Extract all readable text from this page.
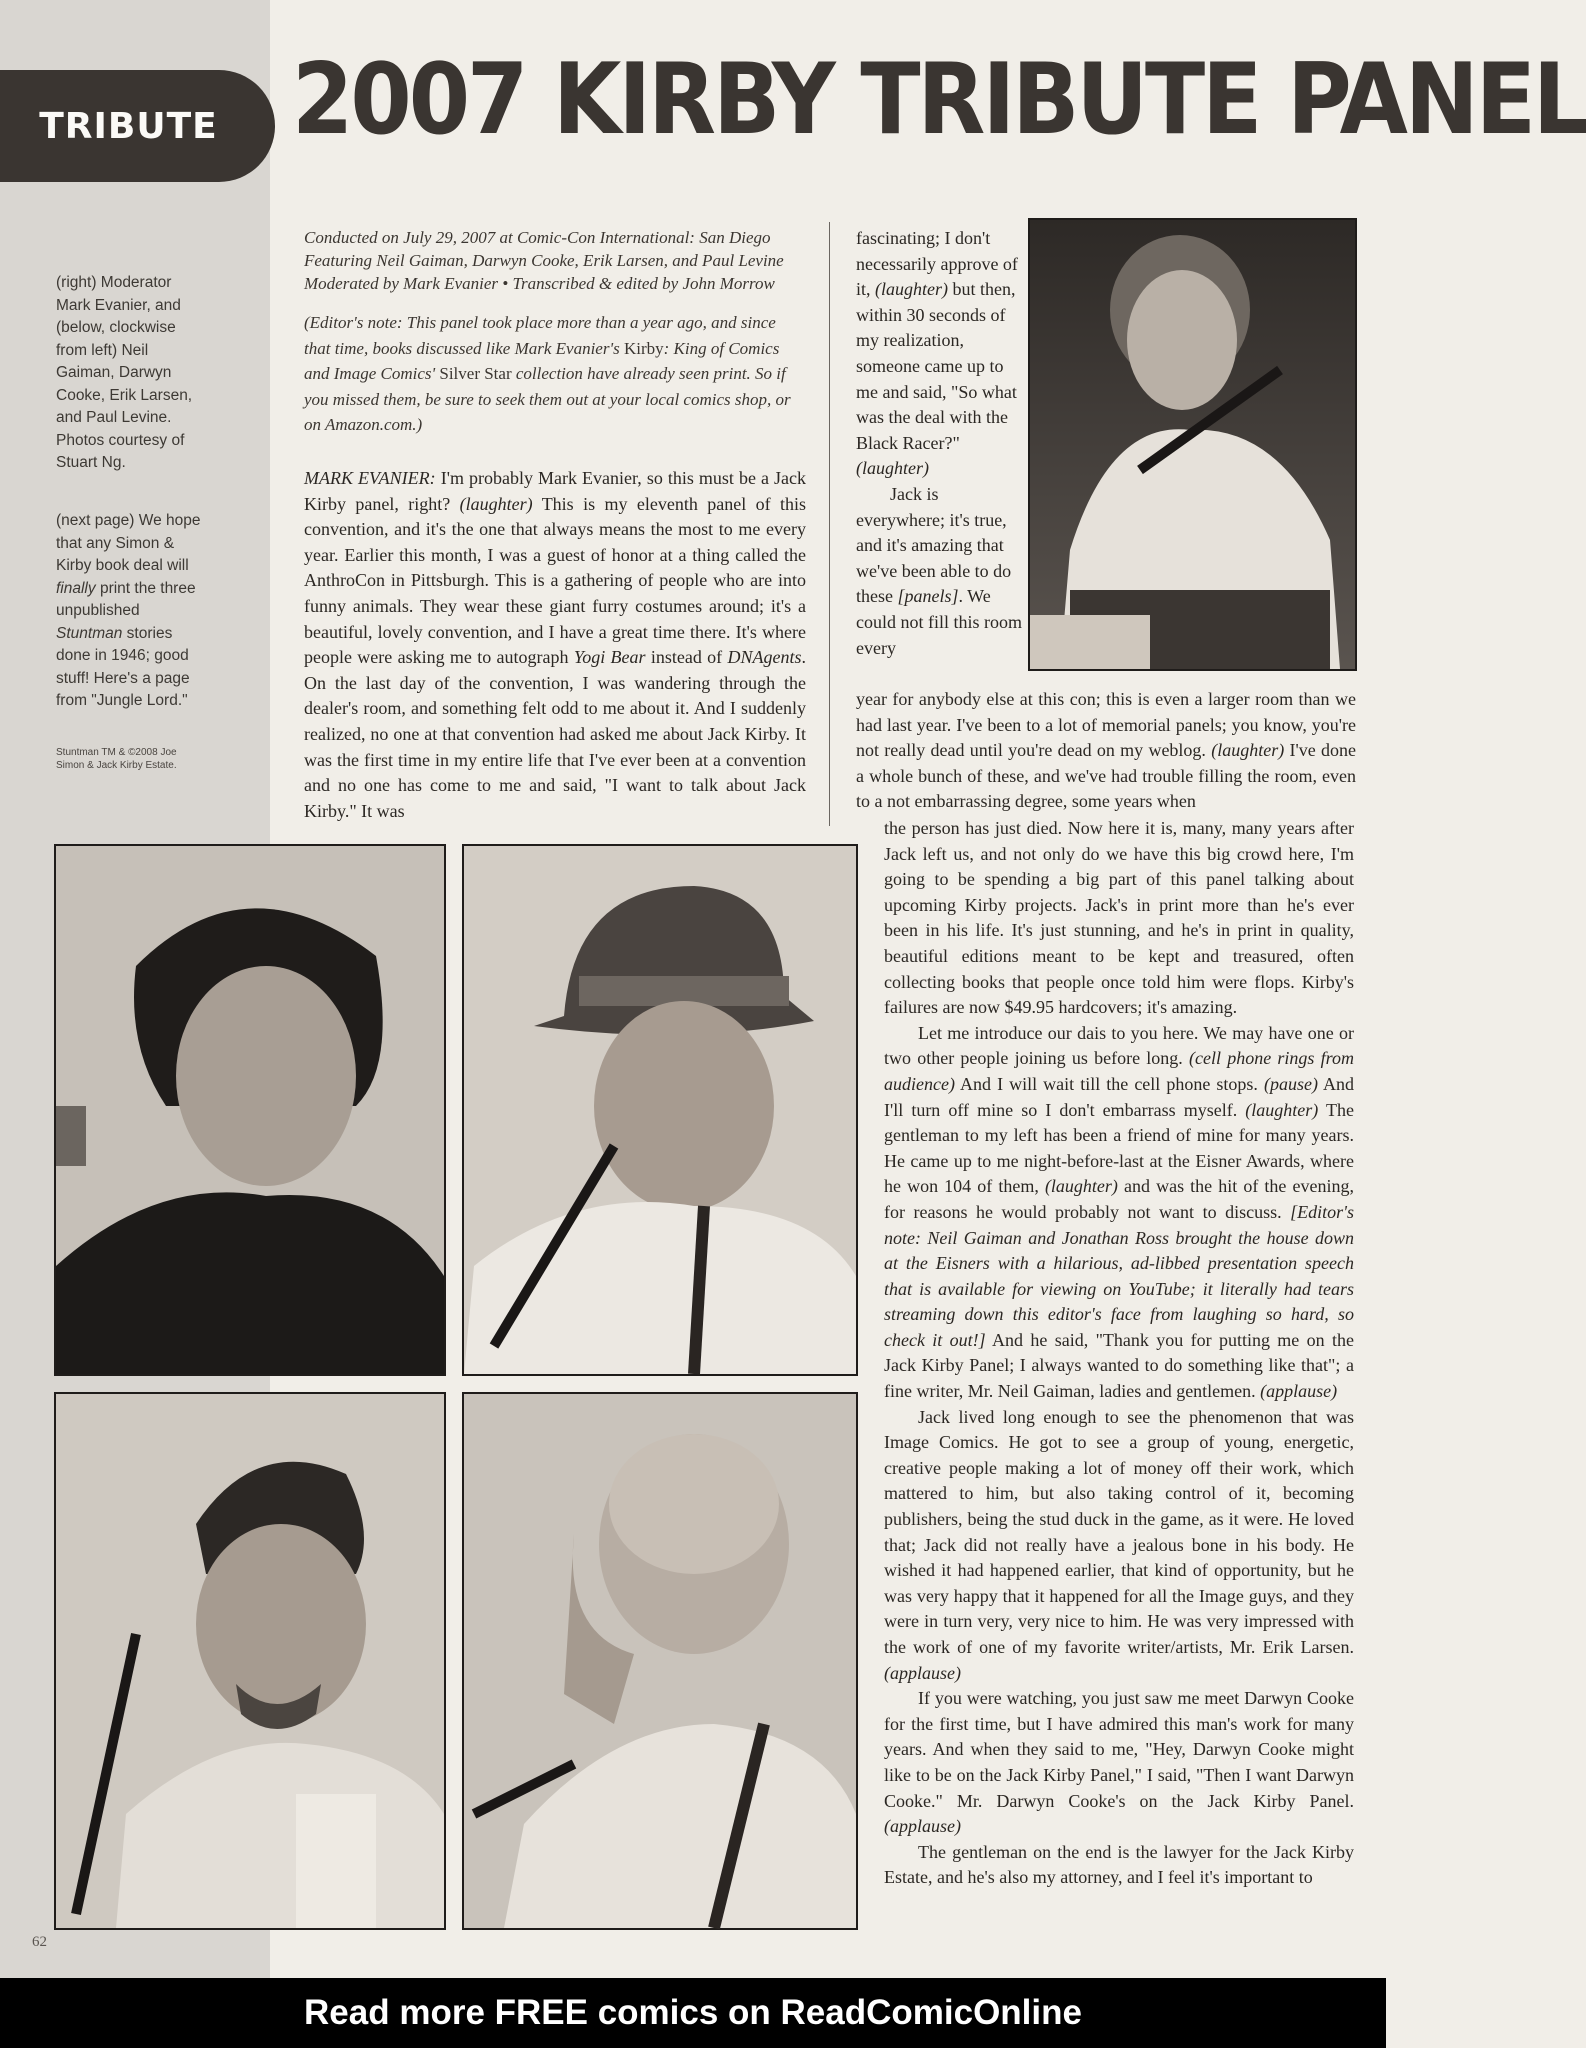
TRIBUTE 2007 KIRBY TRIBUTE PANEL

(right) Moderator Mark Evanier, and (below, clockwise from left) Neil Gaiman, Darwyn Cooke, Erik Larsen, and Paul Levine. Photos courtesy of Stuart Ng.

(next page) We hope that any Simon & Kirby book deal will finally print the three unpublished Stuntman stories done in 1946; good stuff! Here's a page from "Jungle Lord."

Stuntman TM & ©2008 Joe Simon & Jack Kirby Estate.

Conducted on July 29, 2007 at Comic-Con International: San Diego

Featuring Neil Gaiman, Darwyn Cooke, Erik Larsen, and Paul Levine

Moderated by Mark Evanier • Transcribed & edited by John Morrow

(Editor's note: This panel took place more than a year ago, and since that time, books discussed like Mark Evanier's Kirby: King of Comics and Image Comics' Silver Star collection have already seen print. So if you missed them, be sure to seek them out at your local comics shop, or on Amazon.com.)

MARK EVANIER: I'm probably Mark Evanier, so this must be a Jack Kirby panel, right? (laughter) This is my eleventh panel of this convention, and it's the one that always means the most to me every year. Earlier this month, I was a guest of honor at a thing called the AnthroCon in Pittsburgh. This is a gathering of people who are into funny animals. They wear these giant furry costumes around; it's a beautiful, lovely convention, and I have a great time there. It's where people were asking me to autograph Yogi Bear instead of DNAgents. On the last day of the convention, I was wandering through the dealer's room, and something felt odd to me about it. And I suddenly realized, no one at that convention had asked me about Jack Kirby. It was the first time in my entire life that I've ever been at a convention and no one has come to me and said, "I want to talk about Jack Kirby." It was

fascinating; I don't necessarily approve of it, (laughter) but then, within 30 seconds of my realization, someone came up to me and said, "So what was the deal with the Black Racer?" (laughter)

Jack is everywhere; it's true, and it's amazing that we've been able to do these [panels]. We could not fill this room every

year for anybody else at this con; this is even a larger room than we had last year. I've been to a lot of memorial panels; you know, you're not really dead until you're dead on my weblog. (laughter) I've done a whole bunch of these, and we've had trouble filling the room, even to a not embarrassing degree, some years when

the person has just died. Now here it is, many, many years after Jack left us, and not only do we have this big crowd here, I'm going to be spending a big part of this panel talking about upcoming Kirby projects. Jack's in print more than he's ever been in his life. It's just stunning, and he's in print in quality, beautiful editions meant to be kept and treasured, often collecting books that people once told him were flops. Kirby's failures are now $49.95 hardcovers; it's amazing.

Let me introduce our dais to you here. We may have one or two other people joining us before long. (cell phone rings from audience) And I will wait till the cell phone stops. (pause) And I'll turn off mine so I don't embarrass myself. (laughter) The gentleman to my left has been a friend of mine for many years. He came up to me night-before-last at the Eisner Awards, where he won 104 of them, (laughter) and was the hit of the evening, for reasons he would probably not want to discuss. [Editor's note: Neil Gaiman and Jonathan Ross brought the house down at the Eisners with a hilarious, ad-libbed presentation speech that is available for viewing on YouTube; it literally had tears streaming down this editor's face from laughing so hard, so check it out!] And he said, "Thank you for putting me on the Jack Kirby Panel; I always wanted to do something like that"; a fine writer, Mr. Neil Gaiman, ladies and gentlemen. (applause)

Jack lived long enough to see the phenomenon that was Image Comics. He got to see a group of young, energetic, creative people making a lot of money off their work, which mattered to him, but also taking control of it, becoming publishers, being the stud duck in the game, as it were. He loved that; Jack did not really have a jealous bone in his body. He wished it had happened earlier, that kind of opportunity, but he was very happy that it happened for all the Image guys, and they were in turn very, very nice to him. He was very impressed with the work of one of my favorite writer/artists, Mr. Erik Larsen. (applause)

If you were watching, you just saw me meet Darwyn Cooke for the first time, but I have admired this man's work for many years. And when they said to me, "Hey, Darwyn Cooke might like to be on the Jack Kirby Panel," I said, "Then I want Darwyn Cooke." Mr. Darwyn Cooke's on the Jack Kirby Panel. (applause)

The gentleman on the end is the lawyer for the Jack Kirby Estate, and he's also my attorney, and I feel it's important to

62
Read more FREE comics on ReadComicOnline
